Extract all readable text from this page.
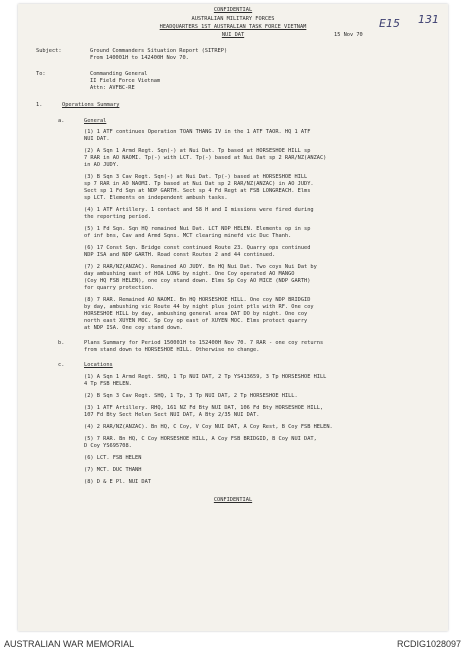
CONFIDENTIAL
E15 131
AUSTRALIAN MILITARY FORCES
HEADQUARTERS 1ST AUSTRALIAN TASK FORCE VIETNAM
NUI DAT	15 Nov 70
Subject:	Ground Commanders Situation Report (SITREP)
From 140001H to 142400H Nov 70.
To:	Commanding General
II Field Force Vietnam
Attn: AVFBC-RE
1.	Operations Summary
a.	General
(1) 1 ATF continues Operation TOAN THANG IV in the 1 ATF TAOR. HQ 1 ATF
NUI DAT.
(2) A Sqn 1 Armd Regt. Sqn(-) at Nui Dat. Tp based at HORSESHOE HILL sp
7 RAR in AO NAOMI. Tp(-) with LCT. Tp(-) based at Nui Dat sp 2 RAR/NZ(ANZAC)
in AO JUDY.
(3) B Sqn 3 Cav Regt. Sqn(-) at Nui Dat. Tp(-) based at HORSESHOE HILL
sp 7 RAR in AO NAOMI. Tp based at Nui Dat sp 2 RAR/NZ(ANZAC) in AO JUDY.
Sect sp 1 Fd Sqn at NDP GARTH. Sect sp 4 Fd Regt at FSB LONGREACH. Elms
sp LCT. Elements on independent ambush tasks.
(4) 1 ATF Artillery. 1 contact and 58 H and I missions were fired during
the reporting period.
(5) 1 Fd Sqn. Sqn HQ remained Nui Dat. LCT NDP HELEN. Elements op in sp
of inf bns, Cav and Armd Sqns. MCT clearing minefd vic Duc Thanh.
(6) 17 Const Sqn. Bridge const continued Route 23. Quarry ops continued
NDP ISA and NDP GARTH. Road const Routes 2 and 44 continued.
(7) 2 RAR/NZ(ANZAC). Remained AO JUDY. Bn HQ Nui Dat. Two coys Nui Dat by
day ambushing east of HOA LONG by night. One Coy operated AO MANGO
(Coy HQ FSB HELEN), one coy stand down. Elms Sp Coy AO MICE (NDP GARTH)
for quarry protection.
(8) 7 RAR. Remained AO NAOMI. Bn HQ HORSESHOE HILL. One coy NDP BRIDGID
by day, ambushing vic Route 44 by night plus joint ptls with RF. One coy
HORSESHOE HILL by day, ambushing general area DAT DO by night. One coy
north east XUYEN MOC. Sp Coy op east of XUYEN MOC. Elms protect quarry
at NDP ISA. One coy stand down.
b.	Plans Summary for Period 150001H to 152400H Nov 70. 7 RAR - one coy returns
from stand down to HORSESHOE HILL. Otherwise no change.
c.	Locations
(1) A Sqn 1 Armd Regt. SHQ, 1 Tp NUI DAT, 2 Tp YS413659, 3 Tp HORSESHOE HILL
4 Tp FSB HELEN.
(2) B Sqn 3 Cav Regt. SHQ, 1 Tp, 3 Tp NUI DAT, 2 Tp HORSESHOE HILL.
(3) 1 ATF Artillery. RHQ, 161 NZ Fd Bty NUI DAT, 106 Fd Bty HORSESHOE HILL,
107 Fd Bty Sect Helen Sect NUI DAT, A Bty 2/35 NUI DAT.
(4) 2 RAR/NZ(ANZAC). Bn HQ, C Coy, V Coy NUI DAT, A Coy Rest, B Coy FSB HELEN.
(5) 7 RAR. Bn HQ, C Coy HORSESHOE HILL, A Coy FSB BRIDGID, B Coy NUI DAT,
D Coy YS695708.
(6) LCT. FSB HELEN
(7) MCT. DUC THANH
(8) D & E Pl. NUI DAT
CONFIDENTIAL
AUSTRALIAN WAR MEMORIAL	RCDIG1028097
